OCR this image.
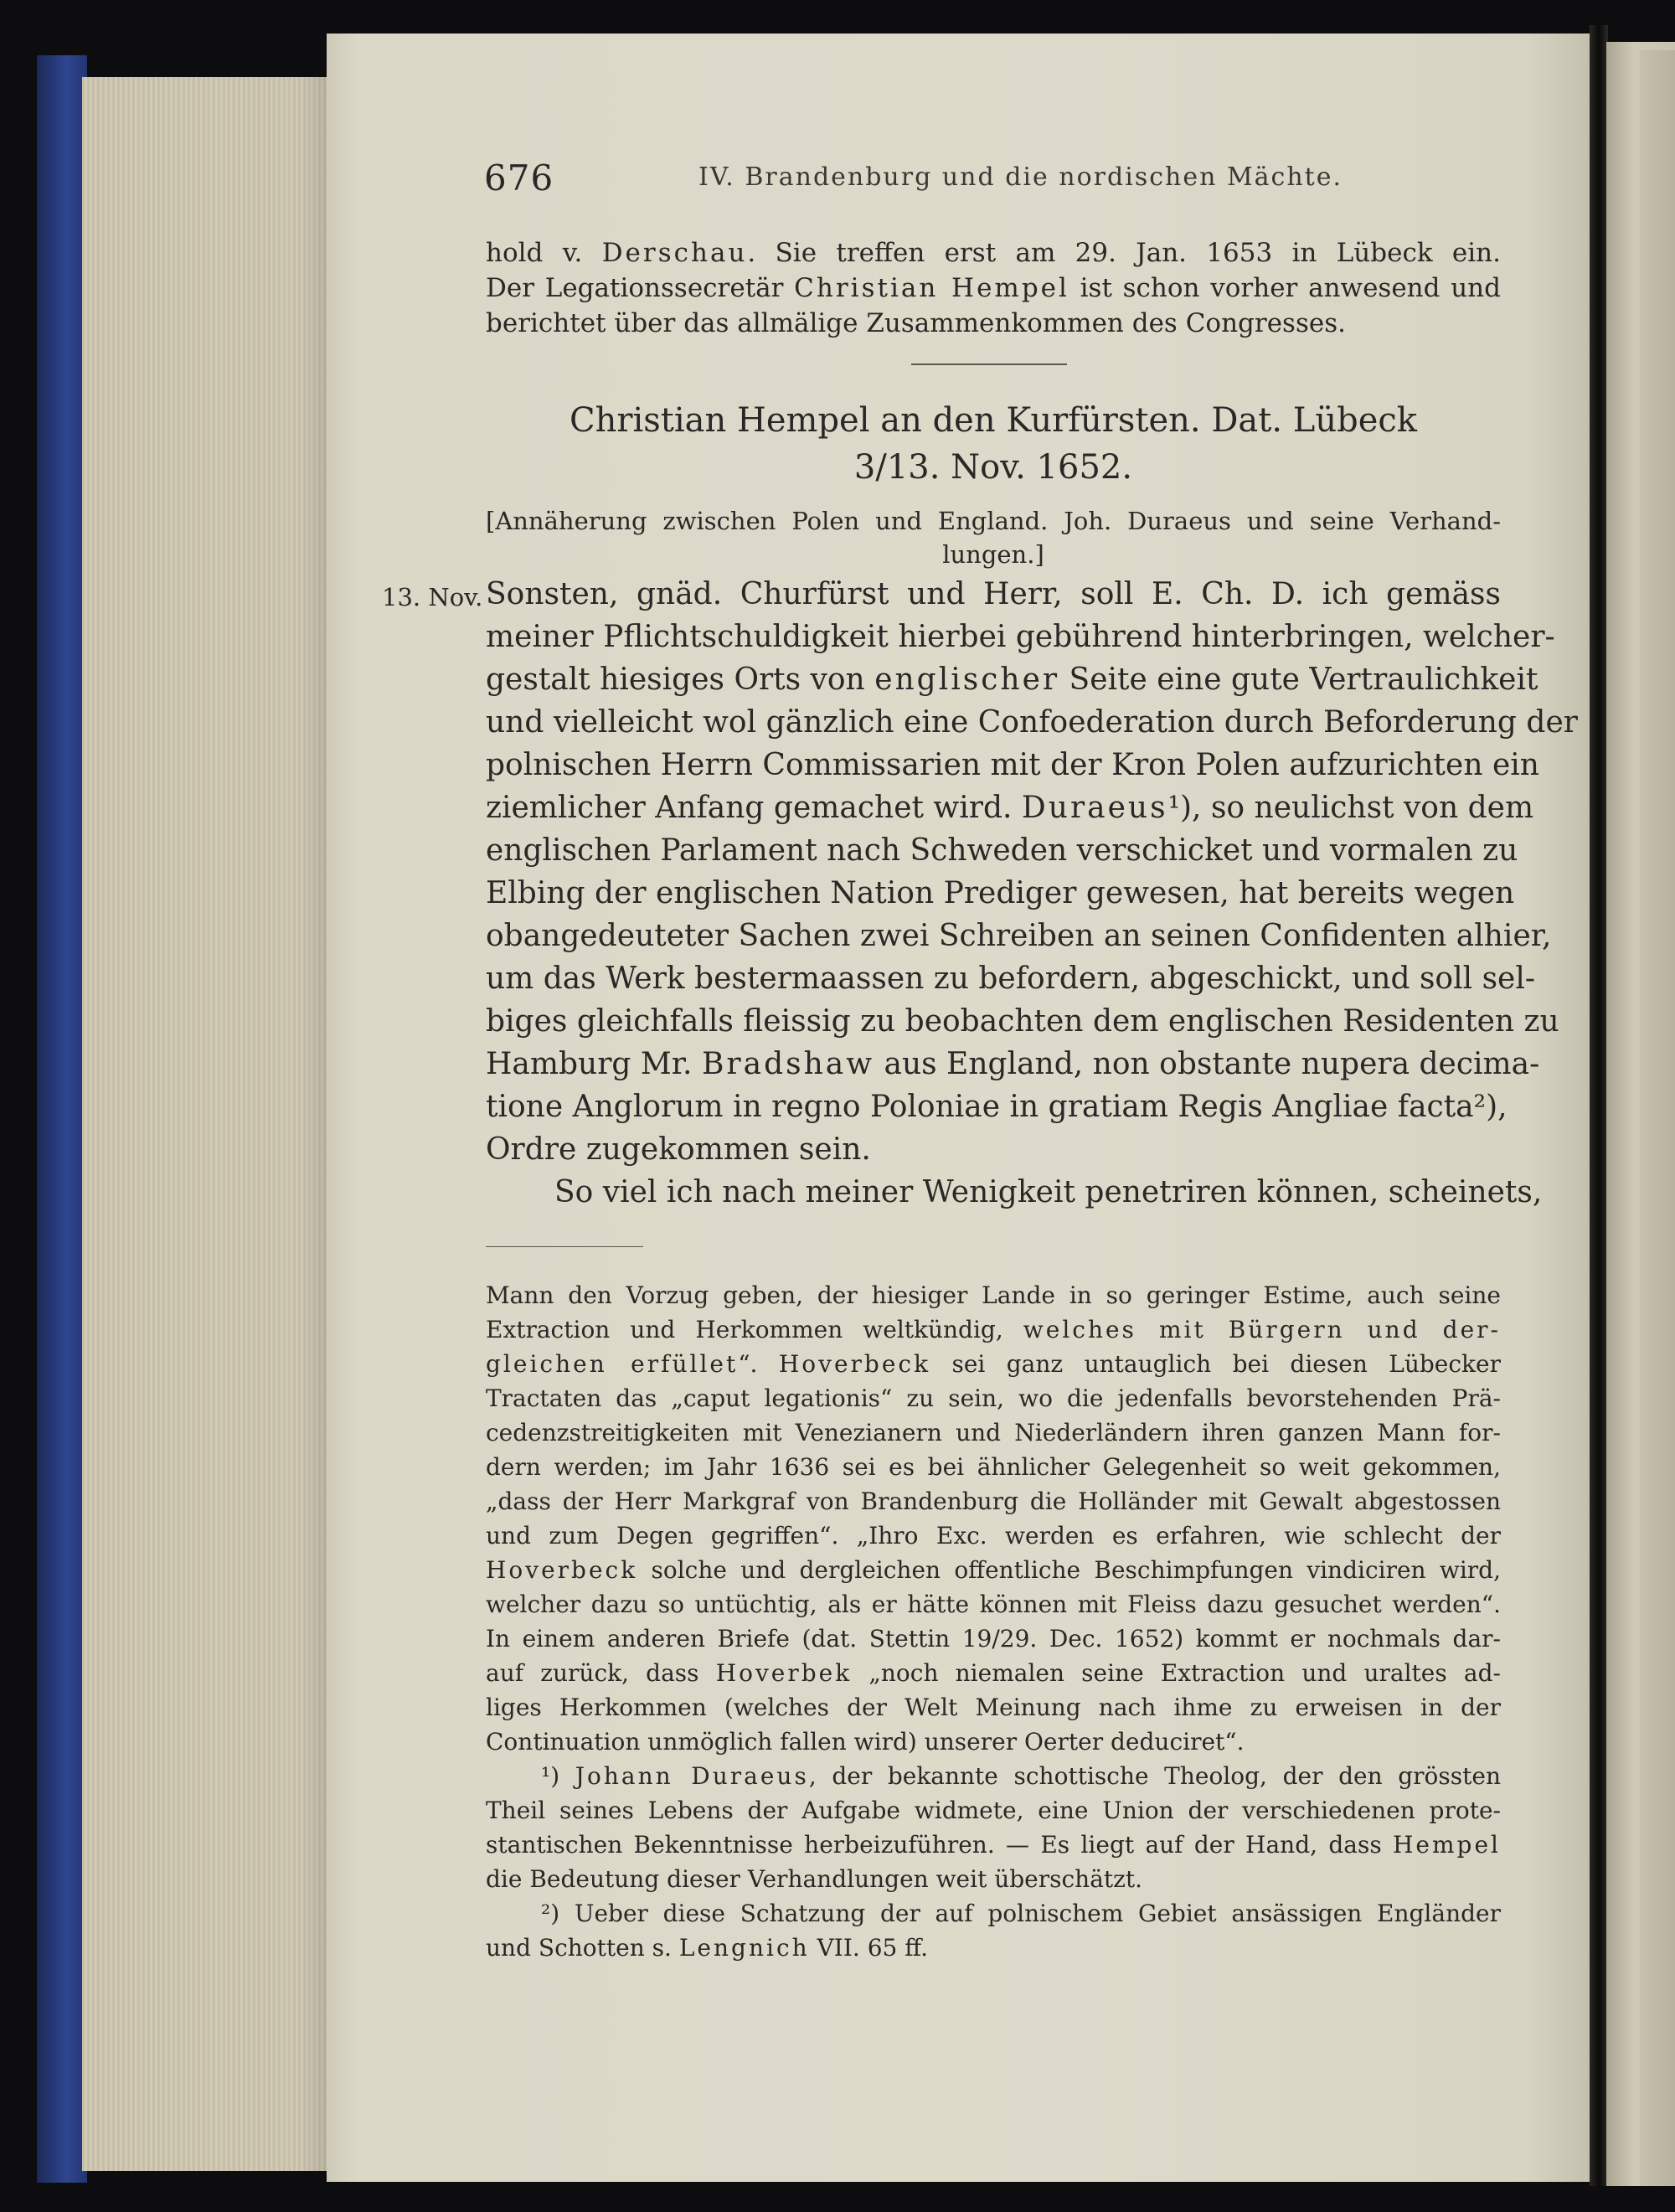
676	IV. Brandenburg und die nordischen Mächte.

hold v. Derschau. Sie treffen erst am 29. Jan. 1653 in Lübeck ein.
Der Legationssecretär Christian Hempel ist schon vorher anwesend und
berichtet über das allmälige Zusammenkommen des Congresses.

Christian Hempel an den Kurfürsten. Dat. Lübeck
3/13. Nov. 1652.

[Annäherung zwischen Polen und England. Joh. Duraeus und seine Verhand-
lungen.]

13. Nov. Sonsten, gnäd. Churfürst und Herr, soll E. Ch. D. ich gemäss
meiner Pflichtschuldigkeit hierbei gebührend hinterbringen, welcher-
gestalt hiesiges Orts von englischer Seite eine gute Vertraulichkeit
und vielleicht wol gänzlich eine Confoederation durch Beforderung der
polnischen Herrn Commissarien mit der Kron Polen aufzurichten ein
ziemlicher Anfang gemachet wird. Duraeus¹), so neulichst von dem
englischen Parlament nach Schweden verschicket und vormalen zu
Elbing der englischen Nation Prediger gewesen, hat bereits wegen
obangedeuteter Sachen zwei Schreiben an seinen Confidenten alhier,
um das Werk bestermaassen zu befordern, abgeschickt, und soll sel-
biges gleichfalls fleissig zu beobachten dem englischen Residenten zu
Hamburg Mr. Bradshaw aus England, non obstante nupera decima-
tione Anglorum in regno Poloniae in gratiam Regis Angliae facta²),
Ordre zugekommen sein.
So viel ich nach meiner Wenigkeit penetriren können, scheinets,
Mann den Vorzug geben, der hiesiger Lande in so geringer Estime, auch seine
Extraction und Herkommen weltkündig, welches mit Bürgern und der-
gleichen erfüllet“. Hoverbeck sei ganz untauglich bei diesen Lübecker
Tractaten das „caput legationis“ zu sein, wo die jedenfalls bevorstehenden Prä-
cedenzstreitigkeiten mit Venezianern und Niederländern ihren ganzen Mann for-
dern werden; im Jahr 1636 sei es bei ähnlicher Gelegenheit so weit gekommen,
„dass der Herr Markgraf von Brandenburg die Holländer mit Gewalt abgestossen
und zum Degen gegriffen“. „Ihro Exc. werden es erfahren, wie schlecht der
Hoverbeck solche und dergleichen offentliche Beschimpfungen vindiciren wird,
welcher dazu so untüchtig, als er hätte können mit Fleiss dazu gesuchet werden“.
In einem anderen Briefe (dat. Stettin 19/29. Dec. 1652) kommt er nochmals dar-
auf zurück, dass Hoverbek „noch niemalen seine Extraction und uraltes ad-
liges Herkommen (welches der Welt Meinung nach ihme zu erweisen in der
Continuation unmöglich fallen wird) unserer Oerter deduciret“.
¹) Johann Duraeus, der bekannte schottische Theolog, der den grössten
Theil seines Lebens der Aufgabe widmete, eine Union der verschiedenen prote-
stantischen Bekenntnisse herbeizuführen. — Es liegt auf der Hand, dass Hempel
die Bedeutung dieser Verhandlungen weit überschätzt.
²) Ueber diese Schatzung der auf polnischem Gebiet ansässigen Engländer
und Schotten s. Lengnich VII. 65 ff.
